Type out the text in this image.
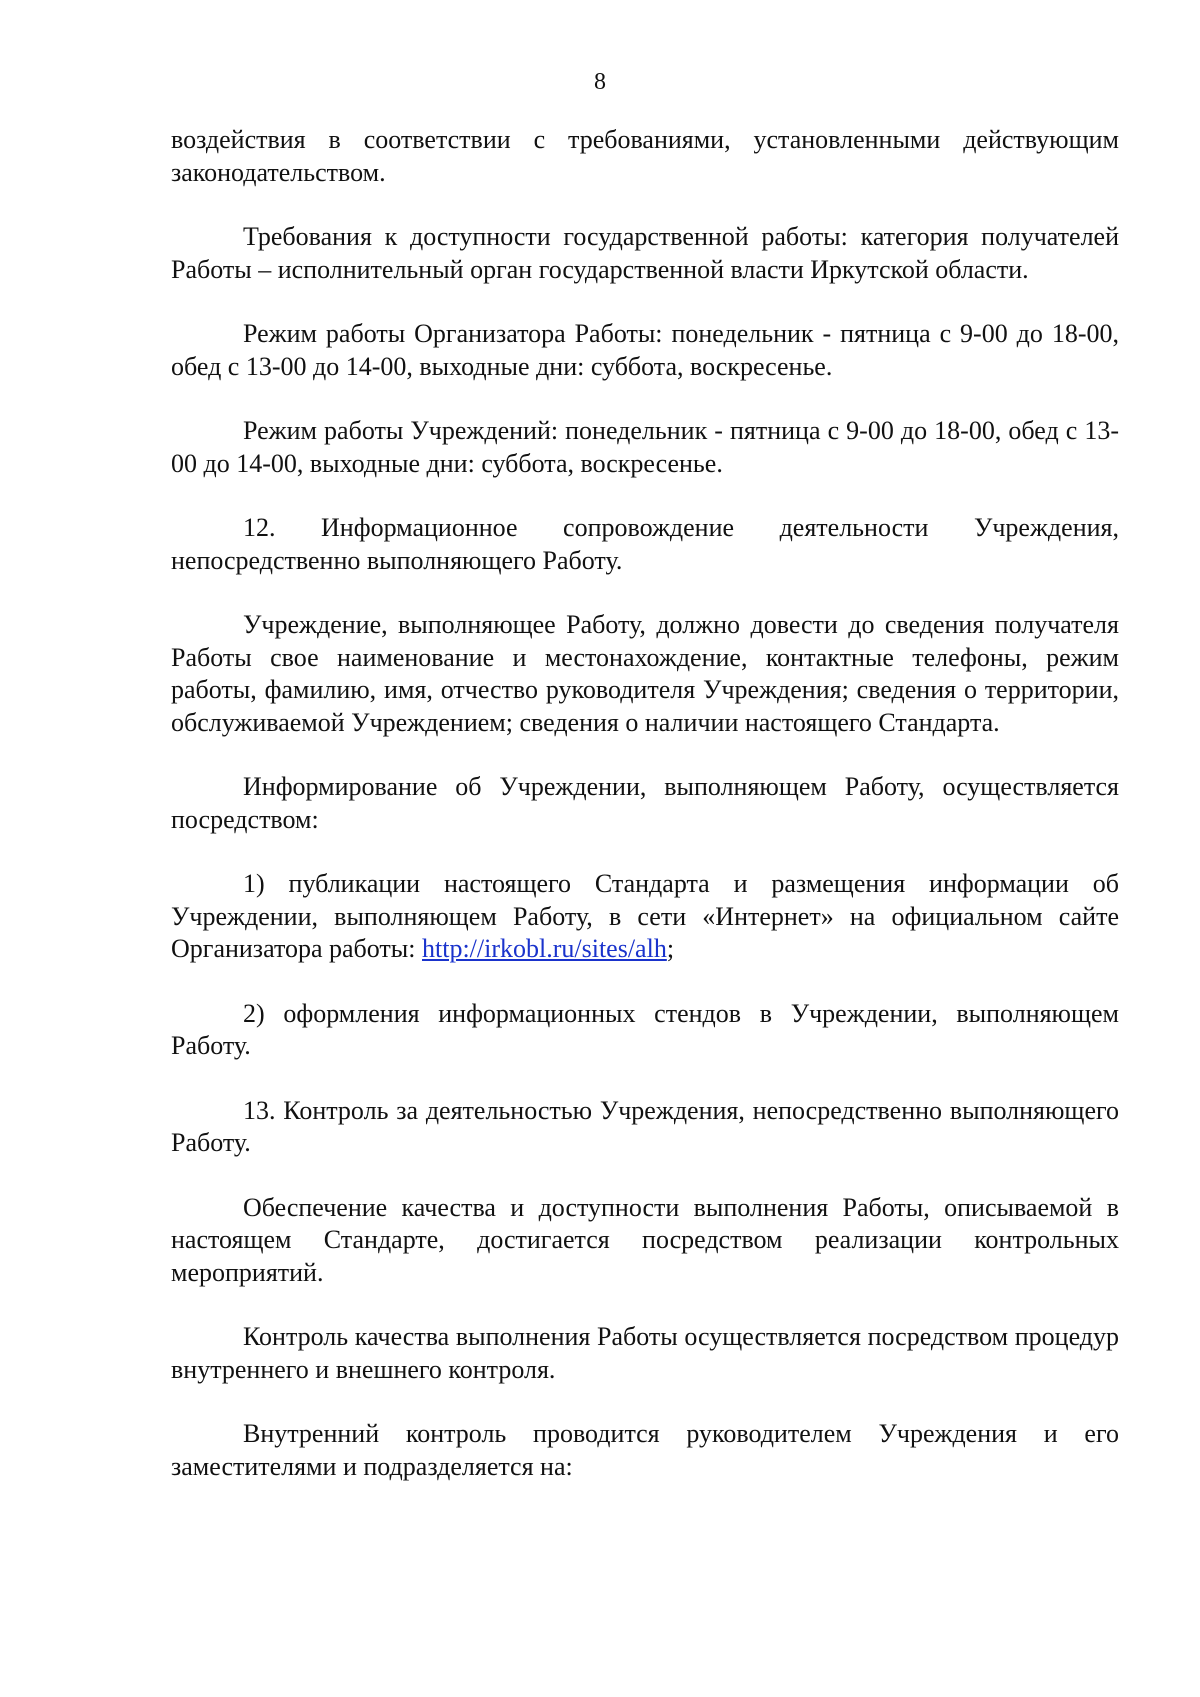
8

воздействия в соответствии с требованиями, установленными действующим законодательством.

Требования к доступности государственной работы: категория получателей Работы – исполнительный орган государственной власти Иркутской области.

Режим работы Организатора Работы: понедельник - пятница с 9-00 до 18-00, обед с 13-00 до 14-00, выходные дни: суббота, воскресенье.

Режим работы Учреждений: понедельник - пятница с 9-00 до 18-00, обед с 13-00 до 14-00, выходные дни: суббота, воскресенье.

12. Информационное сопровождение деятельности Учреждения, непосредственно выполняющего Работу.

Учреждение, выполняющее Работу, должно довести до сведения получателя Работы свое наименование и местонахождение, контактные телефоны, режим работы, фамилию, имя, отчество руководителя Учреждения; сведения о территории, обслуживаемой Учреждением; сведения о наличии настоящего Стандарта.

Информирование об Учреждении, выполняющем Работу, осуществляется посредством:

1) публикации настоящего Стандарта и размещения информации об Учреждении, выполняющем Работу, в сети «Интернет» на официальном сайте Организатора работы: http://irkobl.ru/sites/alh;

2) оформления информационных стендов в Учреждении, выполняющем Работу.

13. Контроль за деятельностью Учреждения, непосредственно выполняющего Работу.

Обеспечение качества и доступности выполнения Работы, описываемой в настоящем Стандарте, достигается посредством реализации контрольных мероприятий.

Контроль качества выполнения Работы осуществляется посредством процедур внутреннего и внешнего контроля.

Внутренний контроль проводится руководителем Учреждения и его заместителями и подразделяется на:
